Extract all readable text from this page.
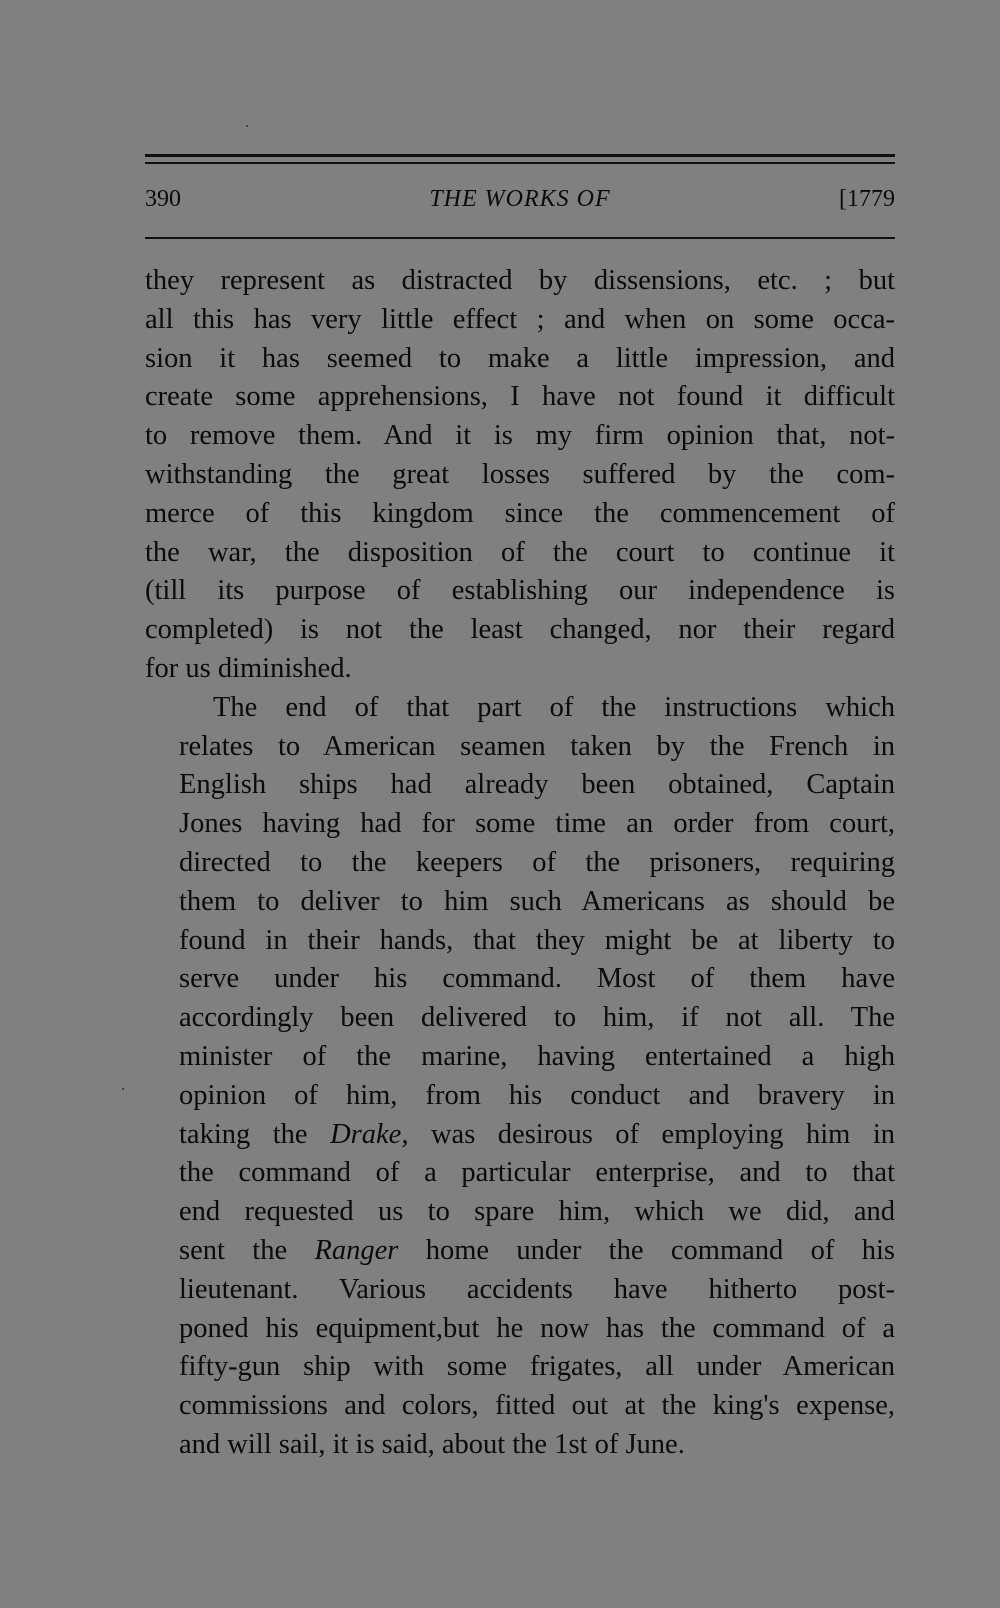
390	THE WORKS OF	[1779
they represent as distracted by dissensions, etc. ; but
all this has very little effect ; and when on some occa-
sion it has seemed to make a little impression, and
create some apprehensions, I have not found it difficult
to remove them. And it is my firm opinion that, not-
withstanding the great losses suffered by the com-
merce of this kingdom since the commencement of
the war, the disposition of the court to continue it
(till its purpose of establishing our independence is
completed) is not the least changed, nor their regard
for us diminished.
The end of that part of the instructions which
relates to American seamen taken by the French in
English ships had already been obtained, Captain
Jones having had for some time an order from court,
directed to the keepers of the prisoners, requiring
them to deliver to him such Americans as should be
found in their hands, that they might be at liberty to
serve under his command. Most of them have
accordingly been delivered to him, if not all. The
minister of the marine, having entertained a high
opinion of him, from his conduct and bravery in
taking the Drake, was desirous of employing him in
the command of a particular enterprise, and to that
end requested us to spare him, which we did, and
sent the Ranger home under the command of his
lieutenant. Various accidents have hitherto post-
poned his equipment,but he now has the command of a
fifty-gun ship with some frigates, all under American
commissions and colors, fitted out at the king's expense,
and will sail, it is said, about the 1st of June.
